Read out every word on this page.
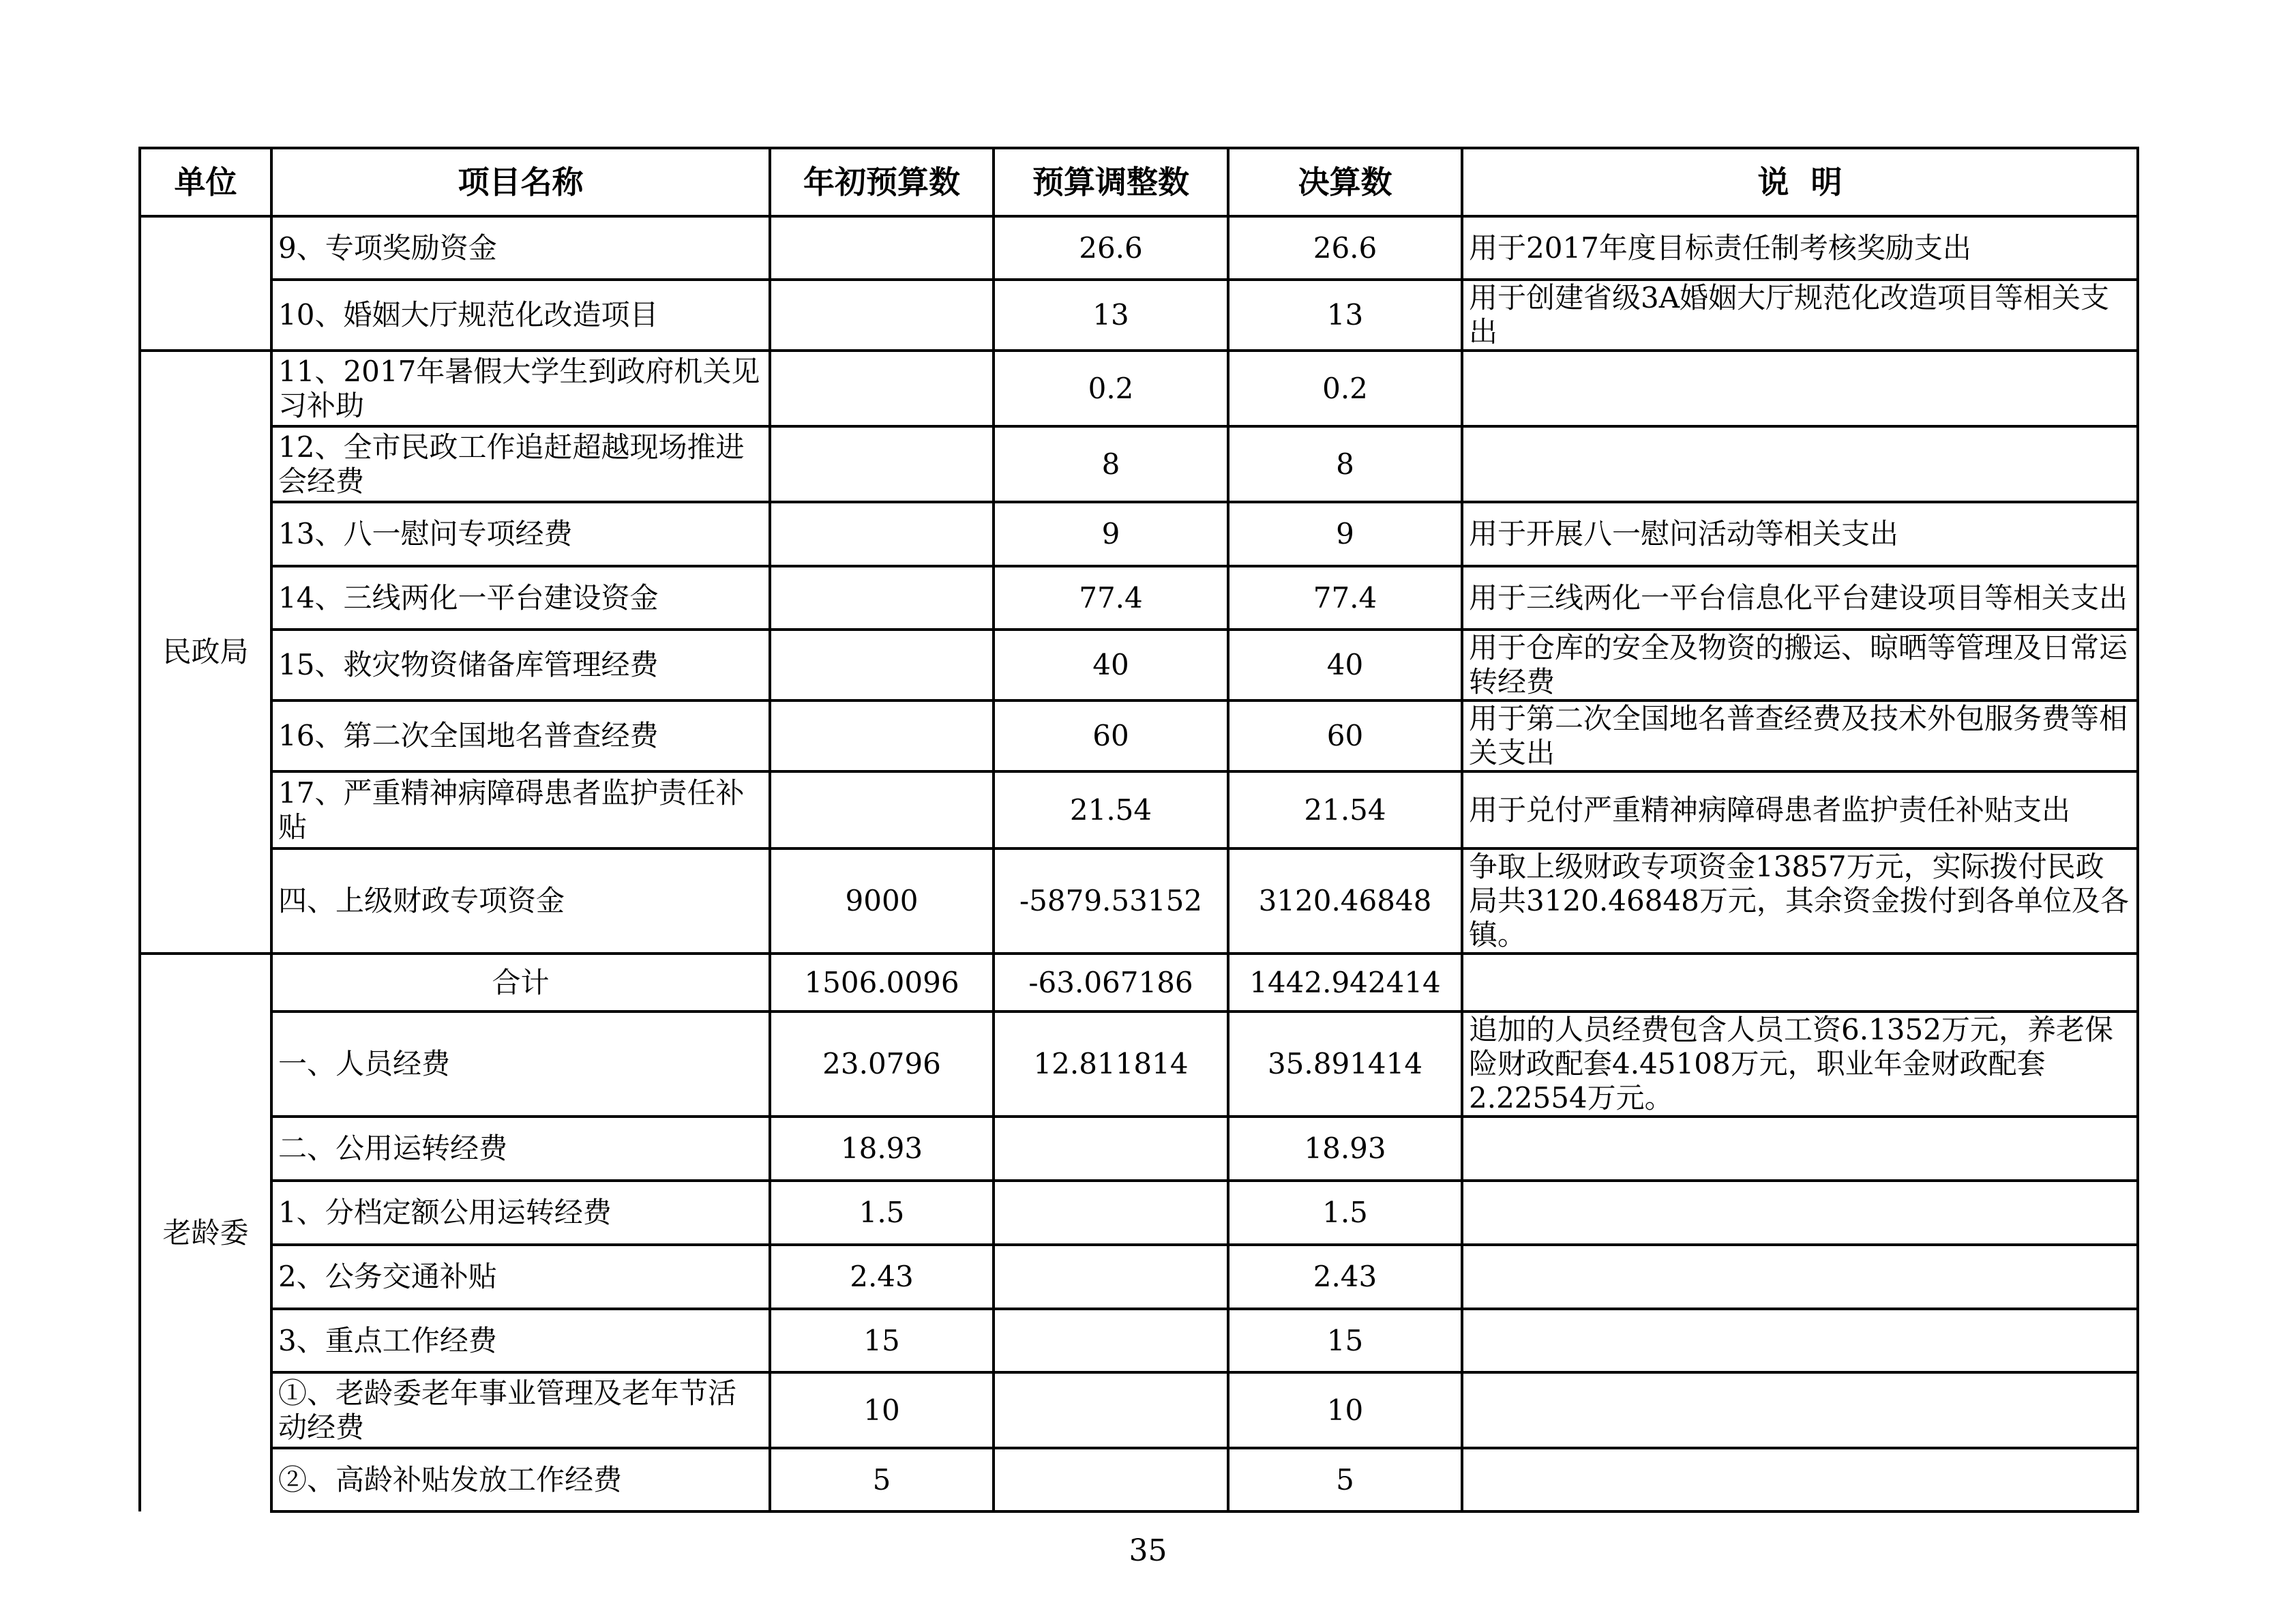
单位	项目名称	年初预算数	预算调整数	决算数	说  明
	9、专项奖励资金		26.6	26.6	用于2017年度目标责任制考核奖励支出
	10、婚姻大厅规范化改造项目		13	13	用于创建省级3A婚姻大厅规范化改造项目等相关支出
民政局	11、2017年暑假大学生到政府机关见习补助		0.2	0.2	
	12、全市民政工作追赶超越现场推进会经费		8	8	
	13、八一慰问专项经费		9	9	用于开展八一慰问活动等相关支出
	14、三线两化一平台建设资金		77.4	77.4	用于三线两化一平台信息化平台建设项目等相关支出
	15、救灾物资储备库管理经费		40	40	用于仓库的安全及物资的搬运、晾晒等管理及日常运转经费
	16、第二次全国地名普查经费		60	60	用于第二次全国地名普查经费及技术外包服务费等相关支出
	17、严重精神病障碍患者监护责任补贴		21.54	21.54	用于兑付严重精神病障碍患者监护责任补贴支出
	四、上级财政专项资金	9000	-5879.53152	3120.46848	争取上级财政专项资金13857万元，实际拨付民政局共3120.46848万元，其余资金拨付到各单位及各镇。
老龄委	合计	1506.0096	-63.067186	1442.942414	
	一、人员经费	23.0796	12.811814	35.891414	追加的人员经费包含人员工资6.1352万元，养老保险财政配套4.45108万元，职业年金财政配套2.22554万元。
	二、公用运转经费	18.93		18.93	
	1、分档定额公用运转经费	1.5		1.5	
	2、公务交通补贴	2.43		2.43	
	3、重点工作经费	15		15	
	①、老龄委老年事业管理及老年节活动经费	10		10	
	②、高龄补贴发放工作经费	5		5	
35
